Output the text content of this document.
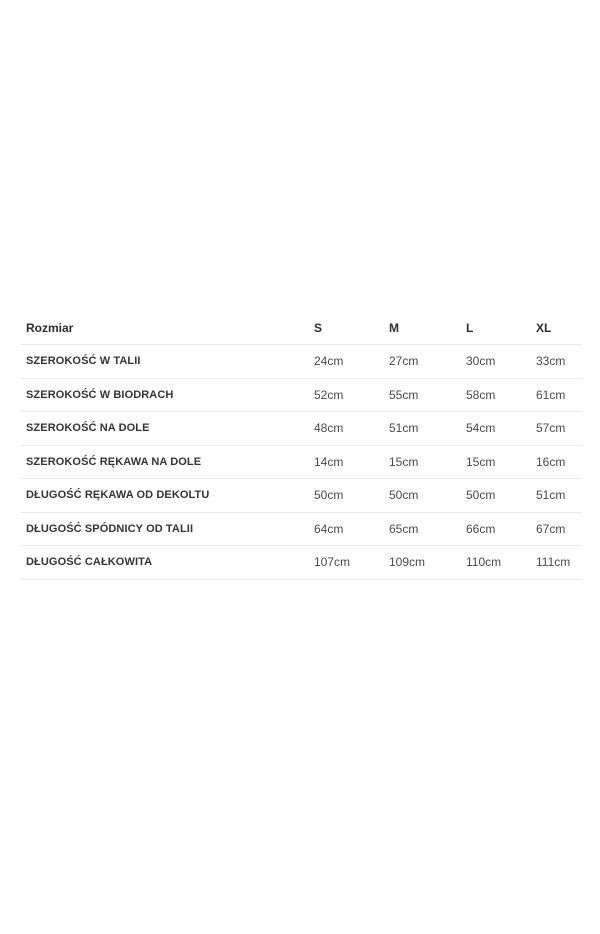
Rozmiar	S	M	L	XL
SZEROKOŚĆ W TALII	24cm	27cm	30cm	33cm
SZEROKOŚĆ W BIODRACH	52cm	55cm	58cm	61cm
SZEROKOŚĆ NA DOLE	48cm	51cm	54cm	57cm
SZEROKOŚĆ RĘKAWA NA DOLE	14cm	15cm	15cm	16cm
DŁUGOŚĆ RĘKAWA OD DEKOLTU	50cm	50cm	50cm	51cm
DŁUGOŚĆ SPÓDNICY OD TALII	64cm	65cm	66cm	67cm
DŁUGOŚĆ CAŁKOWITA	107cm	109cm	110cm	111cm
